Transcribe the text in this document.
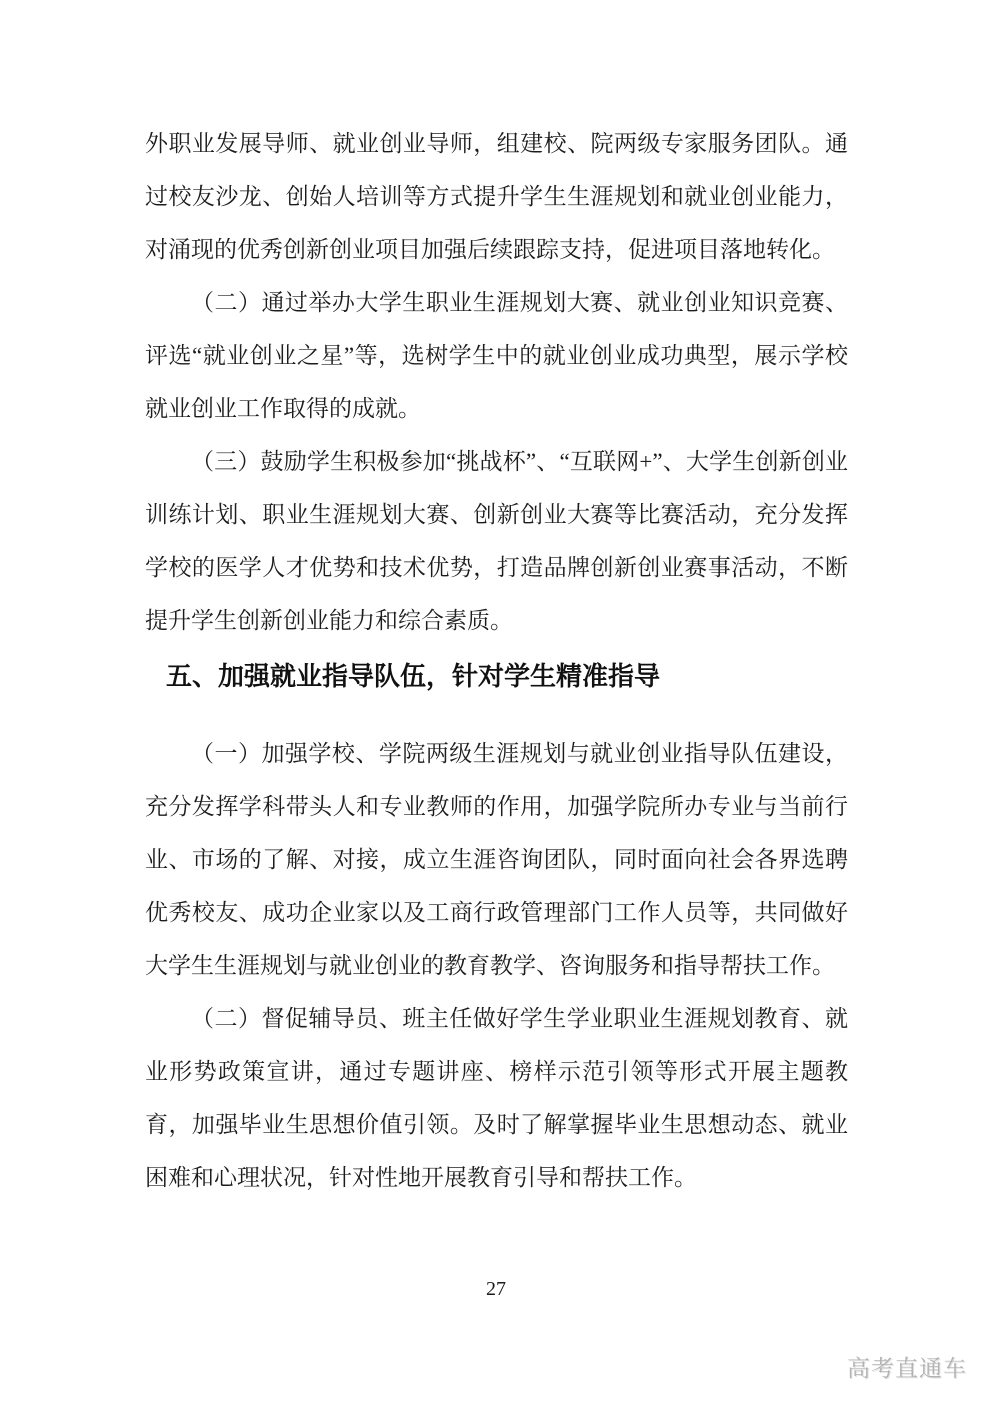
外职业发展导师、就业创业导师，组建校、院两级专家服务团队。通过校友沙龙、创始人培训等方式提升学生生涯规划和就业创业能力，对涌现的优秀创新创业项目加强后续跟踪支持，促进项目落地转化。

（二）通过举办大学生职业生涯规划大赛、就业创业知识竞赛、评选“就业创业之星”等，选树学生中的就业创业成功典型，展示学校就业创业工作取得的成就。

（三）鼓励学生积极参加“挑战杯”、“互联网+”、大学生创新创业训练计划、职业生涯规划大赛、创新创业大赛等比赛活动，充分发挥学校的医学人才优势和技术优势，打造品牌创新创业赛事活动，不断提升学生创新创业能力和综合素质。

五、加强就业指导队伍，针对学生精准指导

（一）加强学校、学院两级生涯规划与就业创业指导队伍建设，充分发挥学科带头人和专业教师的作用，加强学院所办专业与当前行业、市场的了解、对接，成立生涯咨询团队，同时面向社会各界选聘优秀校友、成功企业家以及工商行政管理部门工作人员等，共同做好大学生生涯规划与就业创业的教育教学、咨询服务和指导帮扶工作。

（二）督促辅导员、班主任做好学生学业职业生涯规划教育、就业形势政策宣讲，通过专题讲座、榜样示范引领等形式开展主题教育，加强毕业生思想价值引领。及时了解掌握毕业生思想动态、就业困难和心理状况，针对性地开展教育引导和帮扶工作。

27
高考直通车
